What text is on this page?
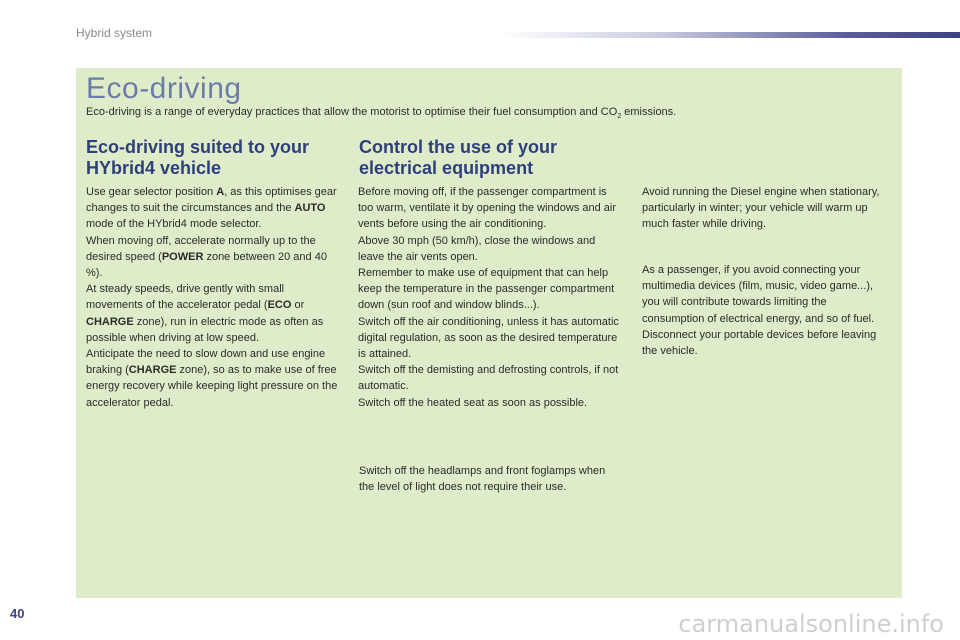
Hybrid system
Eco-driving
Eco-driving is a range of everyday practices that allow the motorist to optimise their fuel consumption and $CO_2$ emissions.
Eco-driving suited to your
HYbrid4 vehicle
Use gear selector position A, as this optimises gear changes to suit the circumstances and the AUTO mode of the HYbrid4 mode selector.
When moving off, accelerate normally up to the desired speed (POWER zone between 20 and 40 %).
At steady speeds, drive gently with small movements of the accelerator pedal (ECO or CHARGE zone), run in electric mode as often as possible when driving at low speed.
Anticipate the need to slow down and use engine braking (CHARGE zone), so as to make use of free energy recovery while keeping light pressure on the accelerator pedal.
Control the use of your
electrical equipment
Before moving off, if the passenger compartment is too warm, ventilate it by opening the windows and air vents before using the air conditioning.
Above 30 mph (50 km/h), close the windows and leave the air vents open.
Remember to make use of equipment that can help keep the temperature in the passenger compartment down (sun roof and window blinds...).
Switch off the air conditioning, unless it has automatic digital regulation, as soon as the desired temperature is attained.
Switch off the demisting and defrosting controls, if not automatic.
Switch off the heated seat as soon as possible.
Switch off the headlamps and front foglamps when the level of light does not require their use.
Avoid running the Diesel engine when stationary, particularly in winter; your vehicle will warm up much faster while driving.
As a passenger, if you avoid connecting your multimedia devices (film, music, video game...), you will contribute towards limiting the consumption of electrical energy, and so of fuel.
Disconnect your portable devices before leaving the vehicle.
40	carmanualsonline.info
